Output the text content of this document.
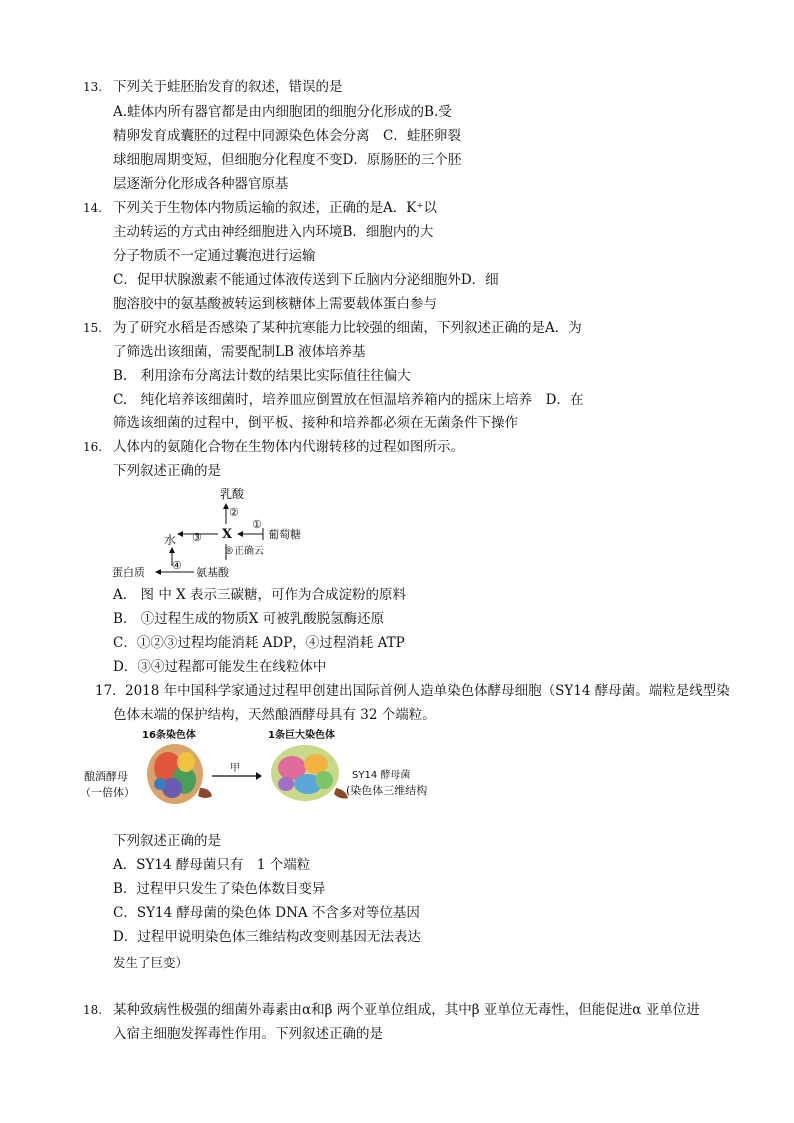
13. 下列关于蛙胚胎发育的叙述，错误的是
A.蛙体内所有器官都是由内细胞团的细胞分化形成的B.受
精卵发育成囊胚的过程中同源染色体会分离　C．蛙胚卵裂
球细胞周期变短，但细胞分化程度不变D．原肠胚的三个胚
层逐渐分化形成各种器官原基
14. 下列关于生物体内物质运输的叙述，正确的是A．K⁺以
主动转运的方式由神经细胞进入内环境B．细胞内的大
分子物质不一定通过囊泡进行运输
C．促甲状腺激素不能通过体液传送到下丘脑内分泌细胞外D．细
胞溶胶中的氨基酸被转运到核糖体上需要载体蛋白参与
15. 为了研究水稻是否感染了某种抗寒能力比较强的细菌，下列叙述正确的是A．为
了筛选出该细菌，需要配制LB 液体培养基
B.　利用涂布分离法计数的结果比实际值往往偏大
C.　纯化培养该细菌时，培养皿应倒置放在恒温培养箱内的摇床上培养　D．在
筛选该细菌的过程中，倒平板、接种和培养都必须在无菌条件下操作
16. 人体内的氨随化合物在生物体内代谢转移的过程如图所示。
下列叙述正确的是
乳酸
X	葡萄糖
水
蛋白质	氨基酸
①
②
③
④
®正确云
A.　图 中 X 表示三碳糖，可作为合成淀粉的原料
B.　①过程生成的物质X 可被乳酸脱氢酶还原
C．①②③过程均能消耗 ADP，④过程消耗 ATP
D．③④过程都可能发生在线粒体中
17． 2018 年中国科学家通过过程甲创建出国际首例人造单染色体酵母细胞（SY14 酵母菌。端粒是线型染
色体末端的保护结构，天然酿酒酵母具有 32 个端粒。
16条染色体	1条巨大染色体
甲
酿酒酵母
（一倍体）
SY14 酵母菌
(染色体三维结构
下列叙述正确的是
A．SY14 酵母菌只有　1 个端粒
B．过程甲只发生了染色体数目变异
C．SY14 酵母菌的染色体 DNA 不含多对等位基因
D．过程甲说明染色体三维结构改变则基因无法表达
发生了巨变）
18. 某种致病性极强的细菌外毒素由α和β 两个亚单位组成，其中β 亚单位无毒性，但能促进α 亚单位进
入宿主细胞发挥毒性作用。下列叙述正确的是
